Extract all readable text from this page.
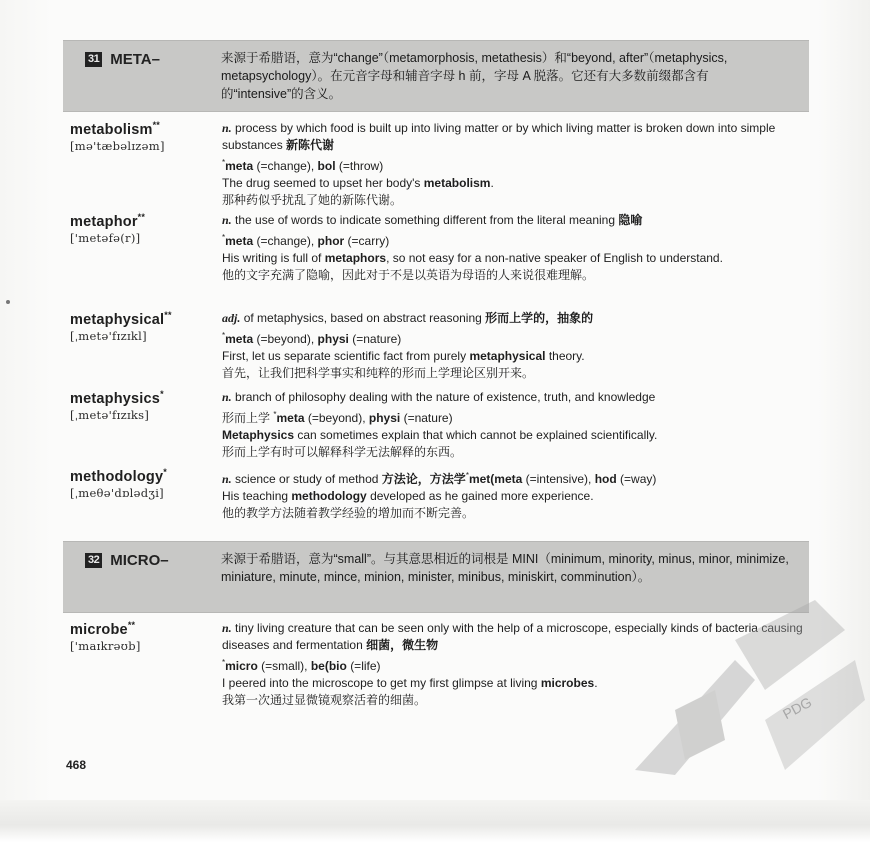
31 META–	来源于希腊语，意为“change”（metamorphosis, metathesis）和“beyond, after”（metaphysics, metapsychology）。在元音字母和辅音字母 h 前，字母 A 脱落。它还有大多数前缀都含有的“intensive”的含义。
metabolism**
[mə'tæbəlɪzəm]

n. process by which food is built up into living matter or by which living matter is broken down into simple substances 新陈代谢

*meta (=change), bol (=throw)

The drug seemed to upset her body's metabolism.

那种药似乎扰乱了她的新陈代谢。

metaphor**
['metəfə(r)]

n. the use of words to indicate something different from the literal meaning 隐喻

*meta (=change), phor (=carry)

His writing is full of metaphors, so not easy for a non-native speaker of English to understand.

他的文字充满了隐喻，因此对于不是以英语为母语的人来说很难理解。

metaphysical**
[ˌmetə'fɪzɪkl]

adj. of metaphysics, based on abstract reasoning 形而上学的，抽象的

*meta (=beyond), physi (=nature)

First, let us separate scientific fact from purely metaphysical theory.

首先，让我们把科学事实和纯粹的形而上学理论区别开来。

metaphysics*
[ˌmetə'fɪzɪks]

n. branch of philosophy dealing with the nature of existence, truth, and knowledge

形而上学 *meta (=beyond), physi (=nature)

Metaphysics can sometimes explain that which cannot be explained scientifically.

形而上学有时可以解释科学无法解释的东西。

methodology*
[ˌmeθə'dɒlədʒi]

n. science or study of method 方法论，方法学*met(meta (=intensive), hod (=way)

His teaching methodology developed as he gained more experience.

他的教学方法随着教学经验的增加而不断完善。

32 MICRO–	来源于希腊语，意为“small”。与其意思相近的词根是 MINI（minimum, minority, minus, minor, minimize, miniature, minute, mince, minion, minister, minibus, miniskirt, comminution）。
microbe**
['maɪkrəʊb]

n. tiny living creature that can be seen only with the help of a microscope, especially kinds of bacteria causing diseases and fermentation 细菌，微生物

*micro (=small), be(bio (=life)

I peered into the microscope to get my first glimpse at living microbes.

我第一次通过显微镜观察活着的细菌。	PDG
468
